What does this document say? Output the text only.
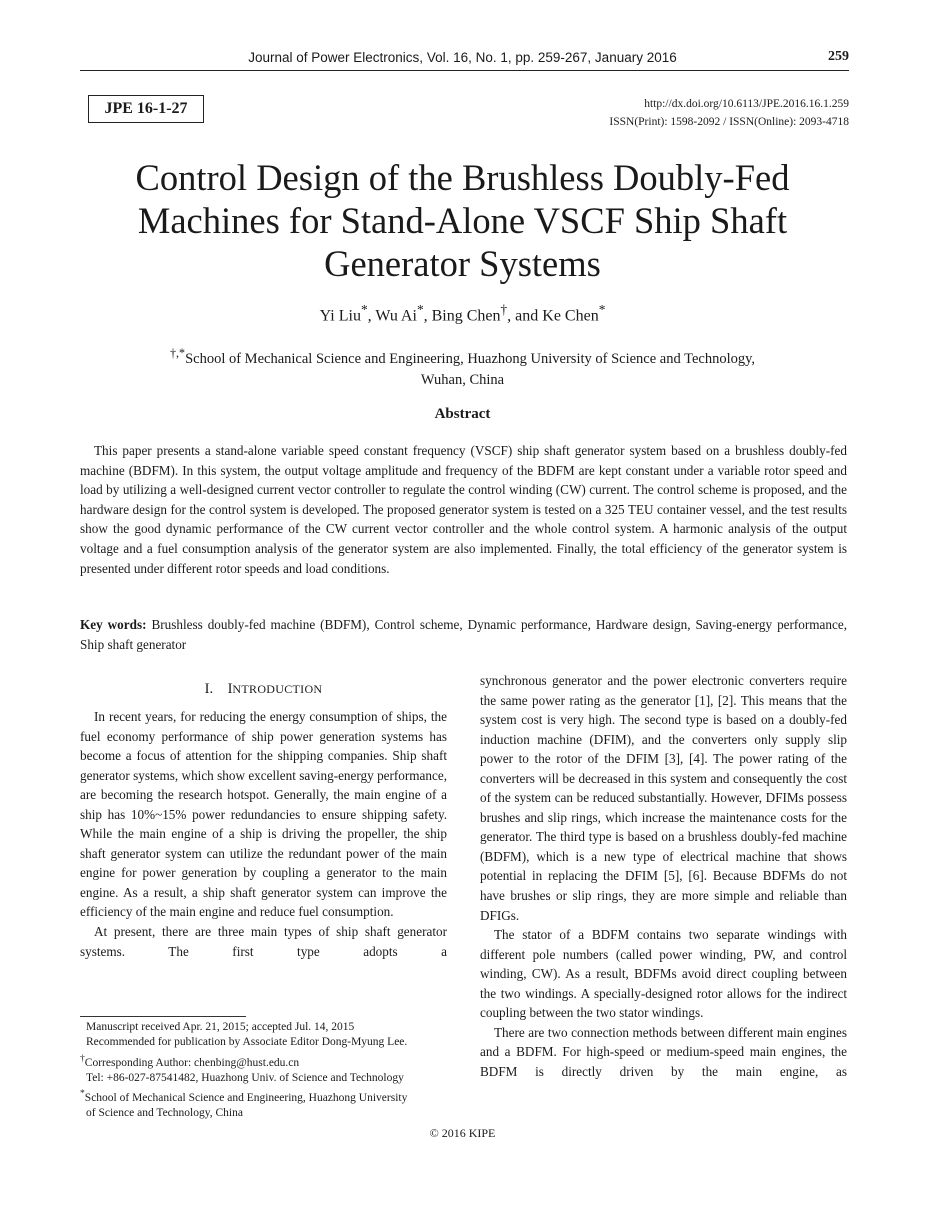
Journal of Power Electronics, Vol. 16, No. 1, pp. 259-267, January 2016	259
JPE 16-1-27	http://dx.doi.org/10.6113/JPE.2016.16.1.259
ISSN(Print): 1598-2092 / ISSN(Online): 2093-4718
Control Design of the Brushless Doubly-Fed
Machines for Stand-Alone VSCF Ship Shaft
Generator Systems
Yi Liu*, Wu Ai*, Bing Chen†, and Ke Chen*
†,*School of Mechanical Science and Engineering, Huazhong University of Science and Technology,
Wuhan, China
Abstract

This paper presents a stand-alone variable speed constant frequency (VSCF) ship shaft generator system based on a brushless doubly-fed machine (BDFM). In this system, the output voltage amplitude and frequency of the BDFM are kept constant under a variable rotor speed and load by utilizing a well-designed current vector controller to regulate the control winding (CW) current. The control scheme is proposed, and the hardware design for the control system is developed. The proposed generator system is tested on a 325 TEU container vessel, and the test results show the good dynamic performance of the CW current vector controller and the whole control system. A harmonic analysis of the output voltage and a fuel consumption analysis of the generator system are also implemented. Finally, the total efficiency of the generator system is presented under different rotor speeds and load conditions.

Key words: Brushless doubly-fed machine (BDFM), Control scheme, Dynamic performance, Hardware design, Saving-energy performance, Ship shaft generator

I. INTRODUCTION

In recent years, for reducing the energy consumption of ships, the fuel economy performance of ship power generation systems has become a focus of attention for the shipping companies. Ship shaft generator systems, which show excellent saving-energy performance, are becoming the research hotspot. Generally, the main engine of a ship has 10%~15% power redundancies to ensure shipping safety. While the main engine of a ship is driving the propeller, the ship shaft generator system can utilize the redundant power of the main engine for power generation by coupling a generator to the main engine. As a result, a ship shaft generator system can improve the efficiency of the main engine and reduce fuel consumption.

At present, there are three main types of ship shaft generator systems. The first type adopts a

synchronous generator and the power electronic converters require the same power rating as the generator [1], [2]. This means that the system cost is very high. The second type is based on a doubly-fed induction machine (DFIM), and the converters only supply slip power to the rotor of the DFIM [3], [4]. The power rating of the converters will be decreased in this system and consequently the cost of the system can be reduced substantially. However, DFIMs possess brushes and slip rings, which increase the maintenance costs for the generator. The third type is based on a brushless doubly-fed machine (BDFM), which is a new type of electrical machine that shows potential in replacing the DFIM [5], [6]. Because BDFMs do not have brushes or slip rings, they are more simple and reliable than DFIGs.

The stator of a BDFM contains two separate windings with different pole numbers (called power winding, PW, and control winding, CW). As a result, BDFMs avoid direct coupling between the two windings. A specially-designed rotor allows for the indirect coupling between the two stator windings.

There are two connection methods between different main engines and a BDFM. For high-speed or medium-speed main engines, the BDFM is directly driven by the main engine, as

Manuscript received Apr. 21, 2015; accepted Jul. 14, 2015
Recommended for publication by Associate Editor Dong-Myung Lee.
†Corresponding Author: chenbing@hust.edu.cn
Tel: +86-027-87541482, Huazhong Univ. of Science and Technology
*School of Mechanical Science and Engineering, Huazhong University
of Science and Technology, China
© 2016 KIPE
